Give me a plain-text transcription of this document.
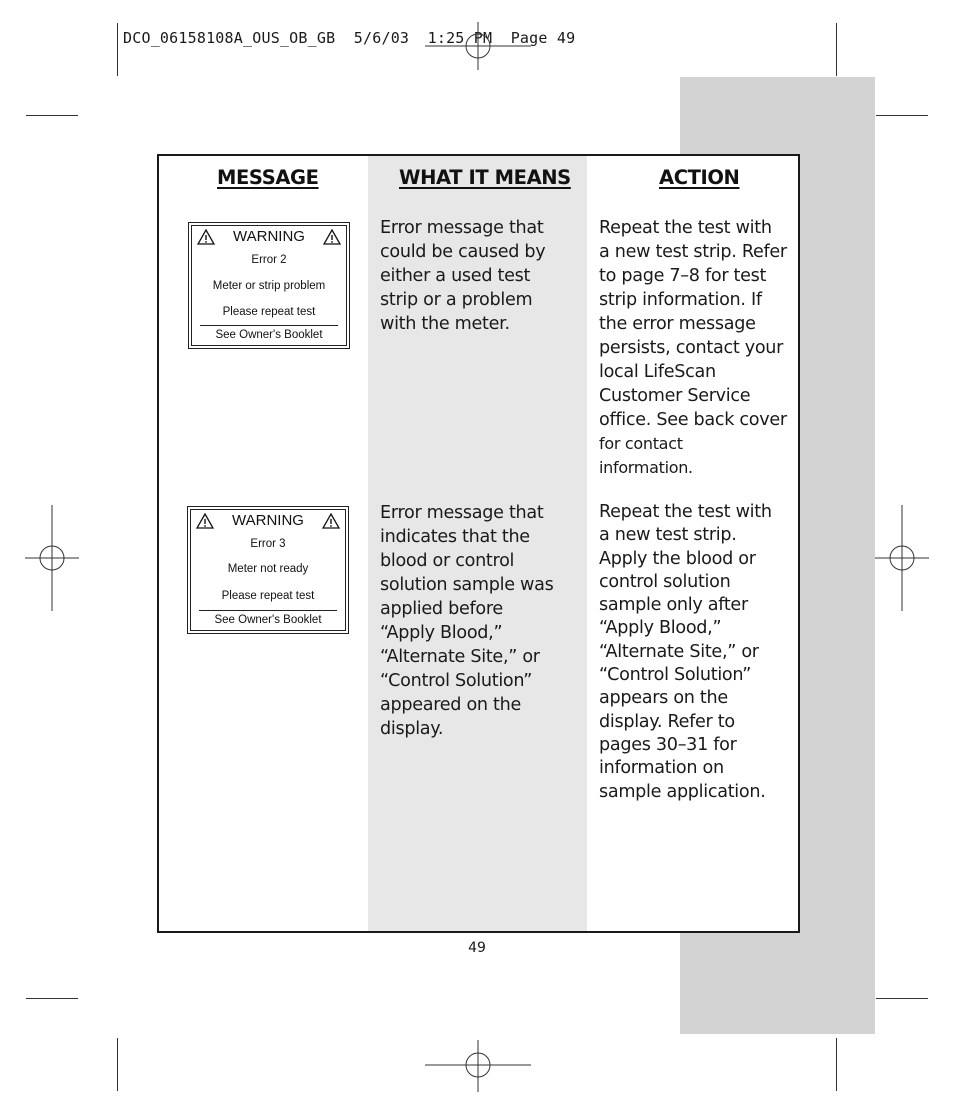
DCO_06158108A_OUS_OB_GB  5/6/03  1:25 PM  Page 49
MESSAGE	WHAT IT MEANS	ACTION
WARNING
Error 2
Meter or strip problem
Please repeat test
See Owner's Booklet
Error message that
could be caused by
either a used test
strip or a problem
with the meter.
Repeat the test with
a new test strip. Refer
to page 7–8 for test
strip information. If
the error message
persists, contact your
local LifeScan
Customer Service
office. See back cover
for contact
information.
WARNING
Error 3
Meter not ready
Please repeat test
See Owner's Booklet
Error message that
indicates that the
blood or control
solution sample was
applied before
“Apply Blood,”
“Alternate Site,” or
“Control Solution”
appeared on the
display.
Repeat the test with
a new test strip.
Apply the blood or
control solution
sample only after
“Apply Blood,”
“Alternate Site,” or
“Control Solution”
appears on the
display. Refer to
pages 30–31 for
information on
sample application.
49
